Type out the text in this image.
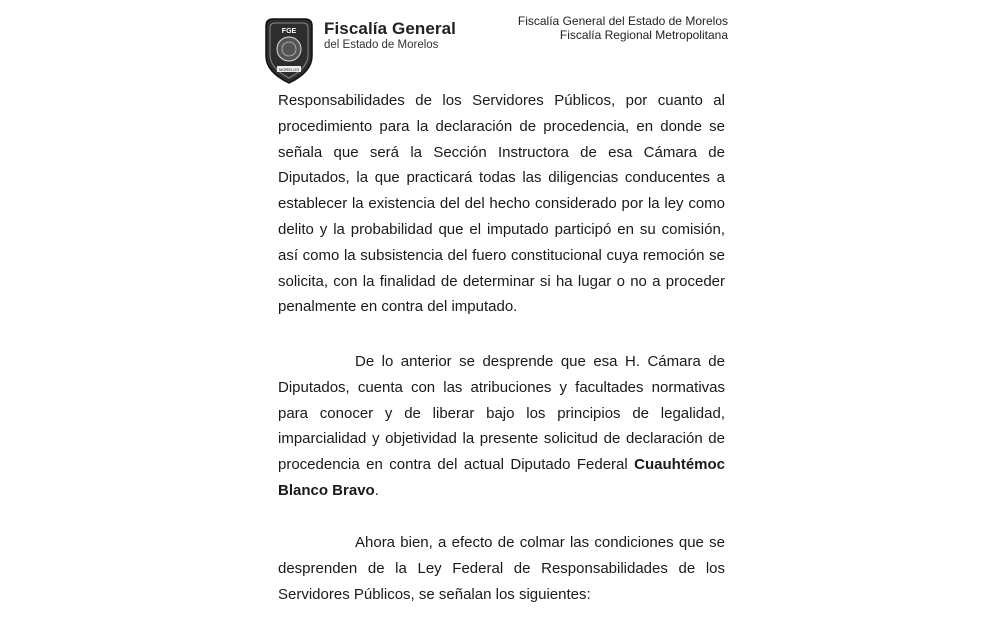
FGE
MORELOS
Fiscalía General
del Estado de Morelos
Fiscalía General del Estado de Morelos
Fiscalía Regional Metropolitana

Responsabilidades de los Servidores Públicos, por cuanto al procedimiento para la declaración de procedencia, en donde se señala que será la Sección Instructora de esa Cámara de Diputados, la que practicará todas las diligencias conducentes a establecer la existencia del del hecho considerado por la ley como delito y la probabilidad que el imputado participó en su comisión, así como la subsistencia del fuero constitucional cuya remoción se solicita, con la finalidad de determinar si ha lugar o no a proceder penalmente en contra del imputado.

De lo anterior se desprende que esa H. Cámara de Diputados, cuenta con las atribuciones y facultades normativas para conocer y de liberar bajo los principios de legalidad, imparcialidad y objetividad la presente solicitud de declaración de procedencia en contra del actual Diputado Federal Cuauhtémoc Blanco Bravo.

Ahora bien, a efecto de colmar las condiciones que se desprenden de la Ley Federal de Responsabilidades de los Servidores Públicos, se señalan los siguientes:
